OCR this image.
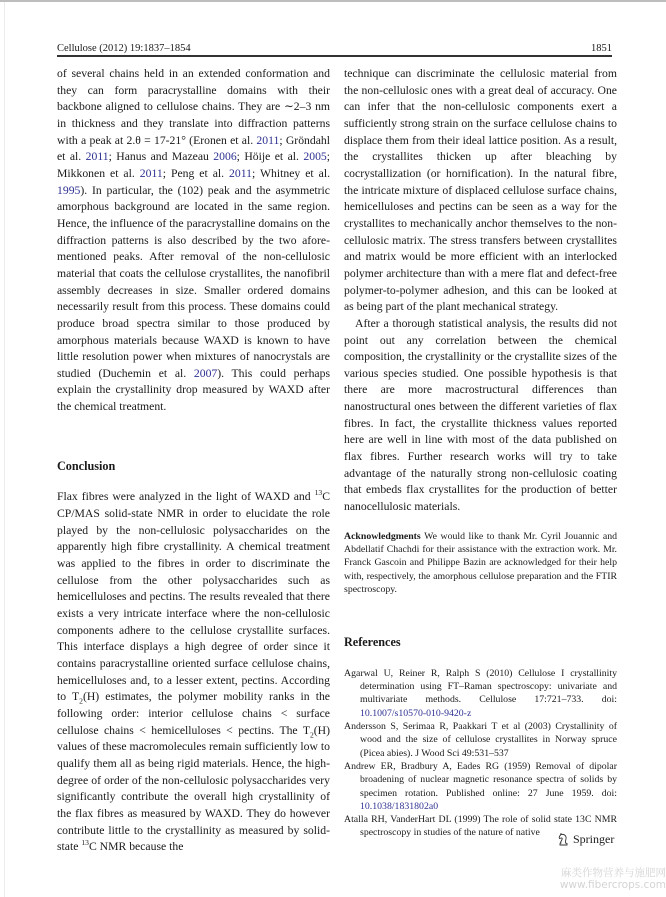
Cellulose (2012) 19:1837–1854	1851

of several chains held in an extended conformation and they can form paracrystalline domains with their backbone aligned to cellulose chains. They are ∼2–3 nm in thickness and they translate into diffraction patterns with a peak at 2.θ = 17-21° (Eronen et al. 2011; Gröndahl et al. 2011; Hanus and Mazeau 2006; Höije et al. 2005; Mikkonen et al. 2011; Peng et al. 2011; Whitney et al. 1995). In particular, the (102) peak and the asymmetric amorphous background are located in the same region. Hence, the influence of the paracrystalline domains on the diffraction patterns is also described by the two afore-mentioned peaks. After removal of the non-cellulosic material that coats the cellulose crystallites, the nanofibril assembly decreases in size. Smaller ordered domains necessarily result from this process. These domains could produce broad spectra similar to those produced by amorphous materials because WAXD is known to have little resolution power when mixtures of nanocrystals are studied (Duchemin et al. 2007). This could perhaps explain the crystallinity drop measured by WAXD after the chemical treatment.

Conclusion

Flax fibres were analyzed in the light of WAXD and $^{13}$C CP/MAS solid-state NMR in order to elucidate the role played by the non-cellulosic polysaccharides on the apparently high fibre crystallinity. A chemical treatment was applied to the fibres in order to discriminate the cellulose from the other polysaccharides such as hemicelluloses and pectins. The results revealed that there exists a very intricate interface where the non-cellulosic components adhere to the cellulose crystallite surfaces. This interface displays a high degree of order since it contains paracrystalline oriented surface cellulose chains, hemicelluloses and, to a lesser extent, pectins. According to $T_2(H)$ estimates, the polymer mobility ranks in the following order: interior cellulose chains < surface cellulose chains < hemicelluloses < pectins. The $T_2(H)$ values of these macromolecules remain sufficiently low to qualify them all as being rigid materials. Hence, the high-degree of order of the non-cellulosic polysaccharides very significantly contribute the overall high crystallinity of the flax fibres as measured by WAXD. They do however contribute little to the crystallinity as measured by solid-state $^{13}$C NMR because the

technique can discriminate the cellulosic material from the non-cellulosic ones with a great deal of accuracy. One can infer that the non-cellulosic components exert a sufficiently strong strain on the surface cellulose chains to displace them from their ideal lattice position. As a result, the crystallites thicken up after bleaching by cocrystallization (or hornification). In the natural fibre, the intricate mixture of displaced cellulose surface chains, hemicelluloses and pectins can be seen as a way for the crystallites to mechanically anchor themselves to the non-cellulosic matrix. The stress transfers between crystallites and matrix would be more efficient with an interlocked polymer architecture than with a mere flat and defect-free polymer-to-polymer adhesion, and this can be looked at as being part of the plant mechanical strategy.

After a thorough statistical analysis, the results did not point out any correlation between the chemical composition, the crystallinity or the crystallite sizes of the various species studied. One possible hypothesis is that there are more macrostructural differences than nanostructural ones between the different varieties of flax fibres. In fact, the crystallite thickness values reported here are well in line with most of the data published on flax fibres. Further research works will try to take advantage of the naturally strong non-cellulosic coating that embeds flax crystallites for the production of better nanocellulosic materials.

Acknowledgments We would like to thank Mr. Cyril Jouannic and Abdellatif Chachdi for their assistance with the extraction work. Mr. Franck Gascoin and Philippe Bazin are acknowledged for their help with, respectively, the amorphous cellulose preparation and the FTIR spectroscopy.

References

Agarwal U, Reiner R, Ralph S (2010) Cellulose I crystallinity determination using FT–Raman spectroscopy: univariate and multivariate methods. Cellulose 17:721–733. doi: 10.1007/s10570-010-9420-z

Andersson S, Serimaa R, Paakkari T et al (2003) Crystallinity of wood and the size of cellulose crystallites in Norway spruce (Picea abies). J Wood Sci 49:531–537

Andrew ER, Bradbury A, Eades RG (1959) Removal of dipolar broadening of nuclear magnetic resonance spectra of solids by specimen rotation. Published online: 27 June 1959. doi: 10.1038/1831802a0

Atalla RH, VanderHart DL (1999) The role of solid state 13C NMR spectroscopy in studies of the nature of native	Springer
麻类作物营养与施肥网
www.fibercrops.com
